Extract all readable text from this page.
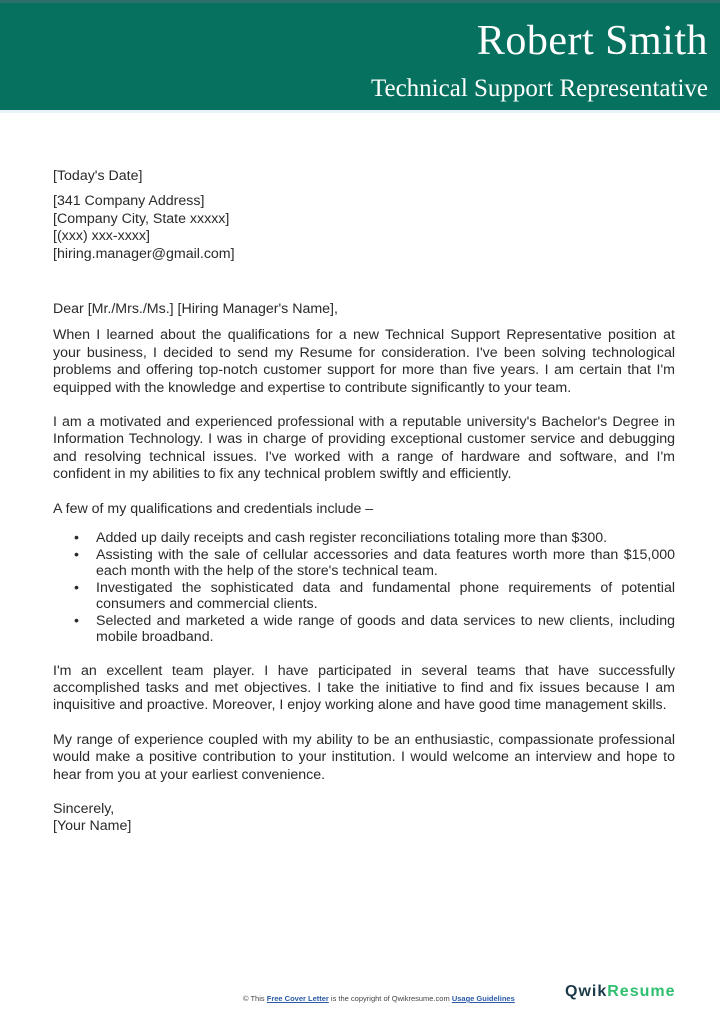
Robert Smith
Technical Support Representative

[Today's Date]

[341 Company Address]

[Company City, State xxxxx]

[(xxx) xxx-xxxx]

[hiring.manager@gmail.com]

Dear [Mr./Mrs./Ms.] [Hiring Manager's Name],

When I learned about the qualifications for a new Technical Support Representative position at your business, I decided to send my Resume for consideration. I've been solving technological problems and offering top-notch customer support for more than five years. I am certain that I'm equipped with the knowledge and expertise to contribute significantly to your team.

I am a motivated and experienced professional with a reputable university's Bachelor's Degree in Information Technology. I was in charge of providing exceptional customer service and debugging and resolving technical issues. I've worked with a range of hardware and software, and I'm confident in my abilities to fix any technical problem swiftly and efficiently.

A few of my qualifications and credentials include –

• Added up daily receipts and cash register reconciliations totaling more than $300.
• Assisting with the sale of cellular accessories and data features worth more than $15,000 each month with the help of the store's technical team.
• Investigated the sophisticated data and fundamental phone requirements of potential consumers and commercial clients.
• Selected and marketed a wide range of goods and data services to new clients, including mobile broadband.

I'm an excellent team player. I have participated in several teams that have successfully accomplished tasks and met objectives. I take the initiative to find and fix issues because I am inquisitive and proactive. Moreover, I enjoy working alone and have good time management skills.

My range of experience coupled with my ability to be an enthusiastic, compassionate professional would make a positive contribution to your institution. I would welcome an interview and hope to hear from you at your earliest convenience.

Sincerely,

[Your Name]

© This Free Cover Letter is the copyright of Qwikresume.com Usage Guidelines	QwikResume
